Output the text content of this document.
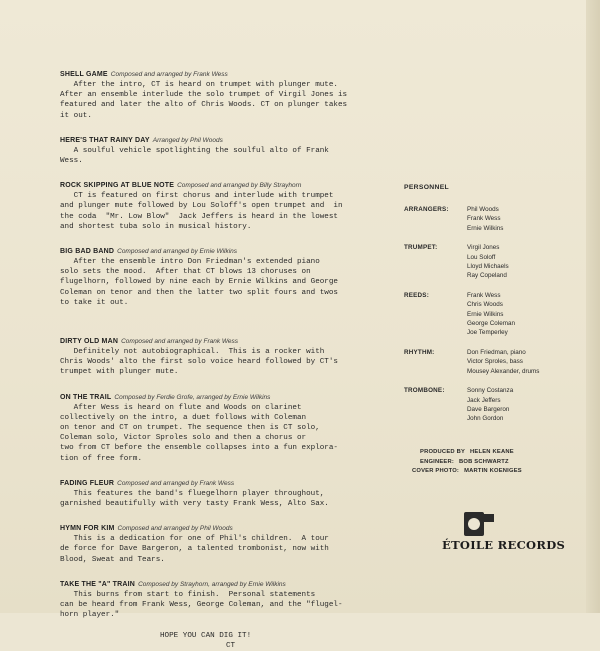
SHELL GAME Composed and arranged by Frank Wess
After the intro, CT is heard on trumpet with plunger mute.
After an ensemble interlude the solo trumpet of Virgil Jones is
featured and later the alto of Chris Woods. CT on plunger takes
it out.
HERE'S THAT RAINY DAY Arranged by Phil Woods
A soulful vehicle spotlighting the soulful alto of Frank
Wess.
ROCK SKIPPING AT BLUE NOTE Composed and arranged by Billy Strayhorn
CT is featured on first chorus and interlude with trumpet
and plunger mute followed by Lou Soloff's open trumpet and  in
the coda  "Mr. Low Blow"  Jack Jeffers is heard in the lowest
and shortest tuba solo in musical history.
BIG BAD BAND Composed and arranged by Ernie Wilkins
After the ensemble intro Don Friedman's extended piano
solo sets the mood.  After that CT blows 13 choruses on
flugelhorn, followed by nine each by Ernie Wilkins and George
Coleman on tenor and then the latter two split fours and twos
to take it out.
DIRTY OLD MAN Composed and arranged by Frank Wess
Definitely not autobiographical.  This is a rocker with
Chris Woods' alto the first solo voice heard followed by CT's
trumpet with plunger mute.
ON THE TRAIL Composed by Ferdie Grofe, arranged by Ernie Wilkins
After Wess is heard on flute and Woods on clarinet
collectively on the intro, a duet follows with Coleman
on tenor and CT on trumpet. The sequence then is CT solo,
Coleman solo, Victor Sproles solo and then a chorus or
two from CT before the ensemble collapses into a fun explora-
tion of free form.
FADING FLEUR Composed and arranged by Frank Wess
This features the band's fluegelhorn player throughout,
garnished beautifully with very tasty Frank Wess, Alto Sax.
HYMN FOR KIM Composed and arranged by Phil Woods
This is a dedication for one of Phil's children.  A tour
de force for Dave Bargeron, a talented trombonist, now with
Blood, Sweat and Tears.
TAKE THE "A" TRAIN Composed by Strayhorn, arranged by Ernie Wilkins
This burns from start to finish.  Personal statements
can be heard from Frank Wess, George Coleman, and the "flugel-
horn player."
HOPE YOU CAN DIG IT!
CT
PERSONNEL
ARRANGERS:	Phil Woods
Frank Wess
Ernie Wilkins
TRUMPET:	Virgil Jones
Lou Soloff
Lloyd Michaels
Ray Copeland
REEDS:	Frank Wess
Chris Woods
Ernie Wilkins
George Coleman
Joe Temperley
RHYTHM:	Don Friedman, piano
Victor Sproles, bass
Mousey Alexander, drums
TROMBONE:	Sonny Costanza
Jack Jeffers
Dave Bargeron
John Gordon
PRODUCED BY HELEN KEANE
ENGINEER: BOB SCHWARTZ
COVER PHOTO: MARTIN KOENIGES
ÉTOILE RECORDS
